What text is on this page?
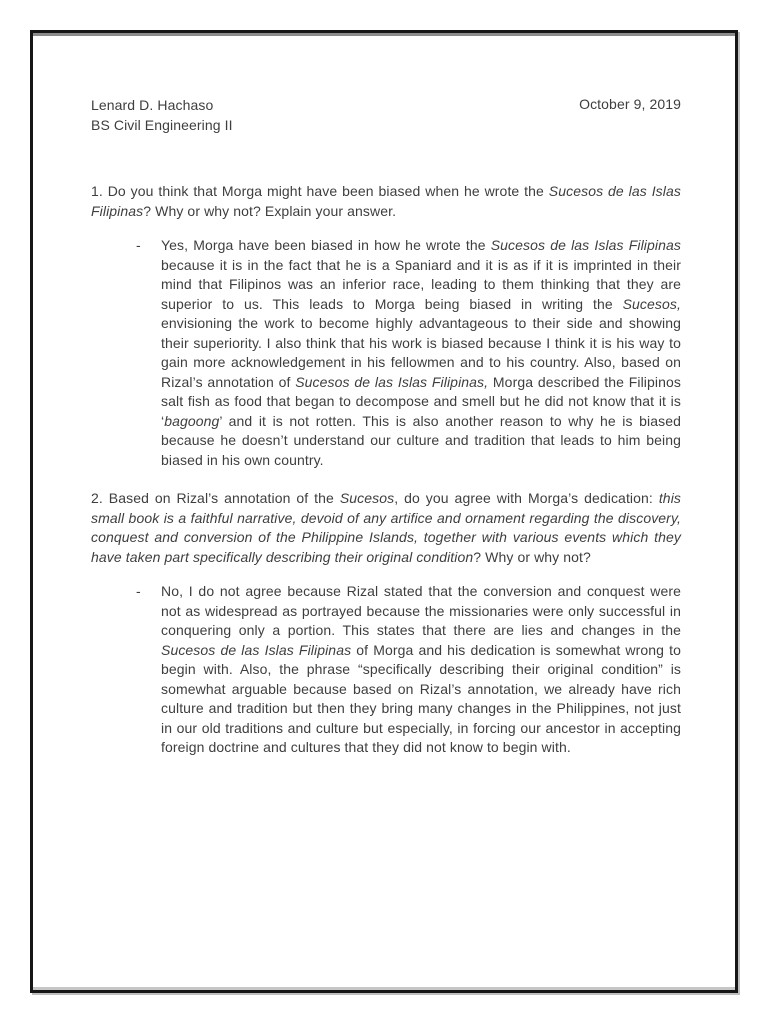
Lenard D. Hachaso
BS Civil Engineering II
October 9, 2019

1. Do you think that Morga might have been biased when he wrote the Sucesos de las Islas Filipinas? Why or why not? Explain your answer.

-	Yes, Morga have been biased in how he wrote the Sucesos de las Islas Filipinas because it is in the fact that he is a Spaniard and it is as if it is imprinted in their mind that Filipinos was an inferior race, leading to them thinking that they are superior to us. This leads to Morga being biased in writing the Sucesos, envisioning the work to become highly advantageous to their side and showing their superiority. I also think that his work is biased because I think it is his way to gain more acknowledgement in his fellowmen and to his country. Also, based on Rizal’s annotation of Sucesos de las Islas Filipinas, Morga described the Filipinos salt fish as food that began to decompose and smell but he did not know that it is ‘bagoong’ and it is not rotten. This is also another reason to why he is biased because he doesn’t understand our culture and tradition that leads to him being biased in his own country.

2. Based on Rizal’s annotation of the Sucesos, do you agree with Morga’s dedication: this small book is a faithful narrative, devoid of any artifice and ornament regarding the discovery, conquest and conversion of the Philippine Islands, together with various events which they have taken part specifically describing their original condition? Why or why not?

-	No, I do not agree because Rizal stated that the conversion and conquest were not as widespread as portrayed because the missionaries were only successful in conquering only a portion. This states that there are lies and changes in the Sucesos de las Islas Filipinas of Morga and his dedication is somewhat wrong to begin with. Also, the phrase “specifically describing their original condition” is somewhat arguable because based on Rizal’s annotation, we already have rich culture and tradition but then they bring many changes in the Philippines, not just in our old traditions and culture but especially, in forcing our ancestor in accepting foreign doctrine and cultures that they did not know to begin with.
